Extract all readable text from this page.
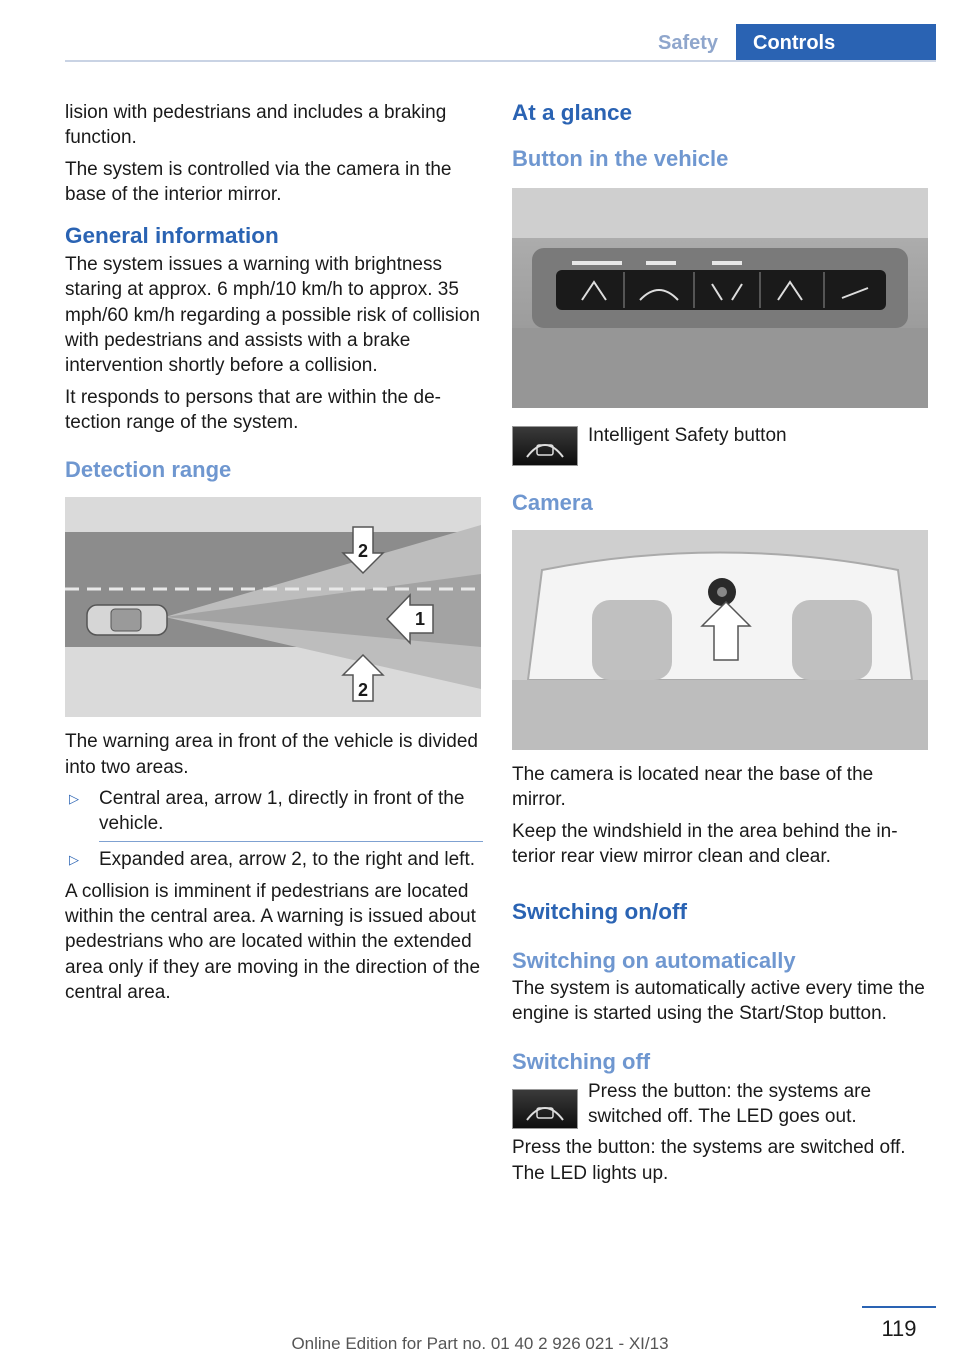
Safety	Controls

lision with pedestrians and includes a braking function.

The system is controlled via the camera in the base of the interior mirror.

General information

The system issues a warning with brightness staring at approx. 6 mph/10 km/h to approx. 35 mph/60 km/h regarding a possible risk of collision with pedestrians and assists with a brake intervention shortly before a collision.

It responds to persons that are within the detection range of the system.

Detection range
1
2
2

The warning area in front of the vehicle is divided into two areas.

▷ Central area, arrow 1, directly in front of the vehicle.
▷ Expanded area, arrow 2, to the right and left.

A collision is imminent if pedestrians are located within the central area. A warning is issued about pedestrians who are located within the extended area only if they are moving in the direction of the central area.

At a glance
Button in the vehicle
Intelligent Safety button
Camera

The camera is located near the base of the mirror.

Keep the windshield in the area behind the interior rear view mirror clean and clear.

Switching on/off
Switching on automatically

The system is automatically active every time the engine is started using the Start/Stop button.

Switching off

Press the button: the systems are switched off. The LED goes out.

Press the button: the systems are switched off. The LED lights up.

119
Online Edition for Part no. 01 40 2 926 021 - XI/13
